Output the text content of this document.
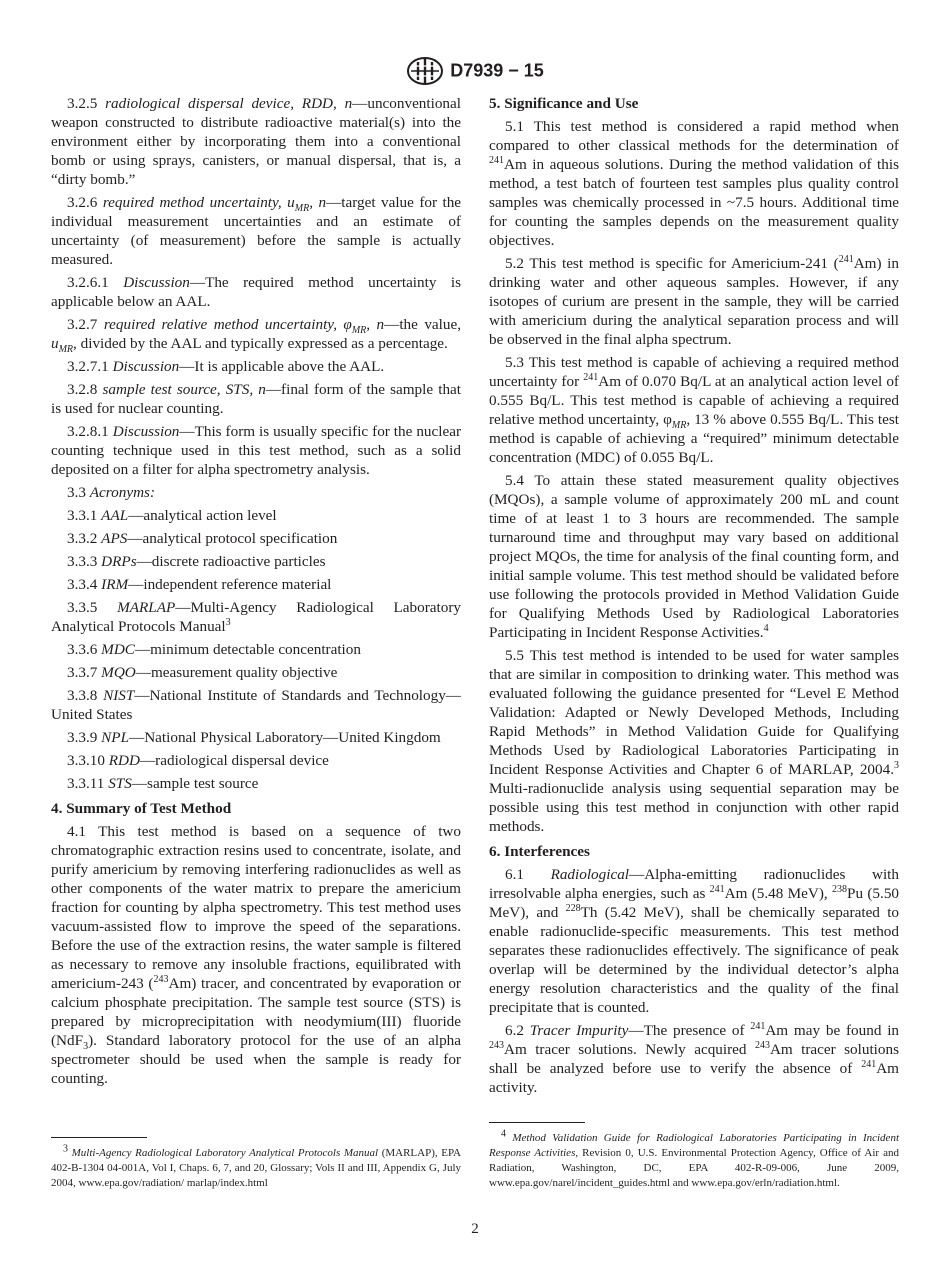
D7939 − 15

3.2.5 radiological dispersal device, RDD, n—unconventional weapon constructed to distribute radioactive material(s) into the environment either by incorporating them into a conventional bomb or using sprays, canisters, or manual dispersal, that is, a “dirty bomb.”

3.2.6 required method uncertainty, $u_{MR}$, n—target value for the individual measurement uncertainties and an estimate of uncertainty (of measurement) before the sample is actually measured.

3.2.6.1 Discussion—The required method uncertainty is applicable below an AAL.

3.2.7 required relative method uncertainty, $\varphi_{MR}$, n—the value, $u_{MR}$, divided by the AAL and typically expressed as a percentage.

3.2.7.1 Discussion—It is applicable above the AAL.

3.2.8 sample test source, STS, n—final form of the sample that is used for nuclear counting.

3.2.8.1 Discussion—This form is usually specific for the nuclear counting technique used in this test method, such as a solid deposited on a filter for alpha spectrometry analysis.

3.3 Acronyms:

3.3.1 AAL—analytical action level

3.3.2 APS—analytical protocol specification

3.3.3 DRPs—discrete radioactive particles

3.3.4 IRM—independent reference material

3.3.5 MARLAP—Multi-Agency Radiological Laboratory Analytical Protocols Manual$^3$

3.3.6 MDC—minimum detectable concentration

3.3.7 MQO—measurement quality objective

3.3.8 NIST—National Institute of Standards and Technology—United States

3.3.9 NPL—National Physical Laboratory—United Kingdom

3.3.10 RDD—radiological dispersal device

3.3.11 STS—sample test source

4. Summary of Test Method

4.1 This test method is based on a sequence of two chromatographic extraction resins used to concentrate, isolate, and purify americium by removing interfering radionuclides as well as other components of the water matrix to prepare the americium fraction for counting by alpha spectrometry. This test method uses vacuum-assisted flow to improve the speed of the separations. Before the use of the extraction resins, the water sample is filtered as necessary to remove any insoluble fractions, equilibrated with americium-243 ($^{243}$Am) tracer, and concentrated by evaporation or calcium phosphate precipitation. The sample test source (STS) is prepared by microprecipitation with neodymium(III) fluoride (NdF$_3$). Standard laboratory protocol for the use of an alpha spectrometer should be used when the sample is ready for counting.

5. Significance and Use

5.1 This test method is considered a rapid method when compared to other classical methods for the determination of $^{241}$Am in aqueous solutions. During the method validation of this method, a test batch of fourteen test samples plus quality control samples was chemically processed in ~7.5 hours. Additional time for counting the samples depends on the measurement quality objectives.

5.2 This test method is specific for Americium-241 ($^{241}$Am) in drinking water and other aqueous samples. However, if any isotopes of curium are present in the sample, they will be carried with americium during the analytical separation process and will be observed in the final alpha spectrum.

5.3 This test method is capable of achieving a required method uncertainty for $^{241}$Am of 0.070 Bq/L at an analytical action level of 0.555 Bq/L. This test method is capable of achieving a required relative method uncertainty, $\varphi_{MR}$, 13 % above 0.555 Bq/L. This test method is capable of achieving a “required” minimum detectable concentration (MDC) of 0.055 Bq/L.

5.4 To attain these stated measurement quality objectives (MQOs), a sample volume of approximately 200 mL and count time of at least 1 to 3 hours are recommended. The sample turnaround time and throughput may vary based on additional project MQOs, the time for analysis of the final counting form, and initial sample volume. This test method should be validated before use following the protocols provided in Method Validation Guide for Qualifying Methods Used by Radiological Laboratories Participating in Incident Response Activities.$^4$

5.5 This test method is intended to be used for water samples that are similar in composition to drinking water. This method was evaluated following the guidance presented for “Level E Method Validation: Adapted or Newly Developed Methods, Including Rapid Methods” in Method Validation Guide for Qualifying Methods Used by Radiological Laboratories Participating in Incident Response Activities and Chapter 6 of MARLAP, 2004.$^3$ Multi-radionuclide analysis using sequential separation may be possible using this test method in conjunction with other rapid methods.

6. Interferences

6.1 Radiological—Alpha-emitting radionuclides with irresolvable alpha energies, such as $^{241}$Am (5.48 MeV), $^{238}$Pu (5.50 MeV), and $^{228}$Th (5.42 MeV), shall be chemically separated to enable radionuclide-specific measurements. This test method separates these radionuclides effectively. The significance of peak overlap will be determined by the individual detector’s alpha energy resolution characteristics and the quality of the final precipitate that is counted.

6.2 Tracer Impurity—The presence of $^{241}$Am may be found in $^{243}$Am tracer solutions. Newly acquired $^{243}$Am tracer solutions shall be analyzed before use to verify the absence of $^{241}$Am activity.

$^3$ Multi-Agency Radiological Laboratory Analytical Protocols Manual (MARLAP), EPA 402-B-1304 04-001A, Vol I, Chaps. 6, 7, and 20, Glossary; Vols II and III, Appendix G, July 2004, www.epa.gov/radiation/ marlap/index.html

$^4$ Method Validation Guide for Radiological Laboratories Participating in Incident Response Activities, Revision 0, U.S. Environmental Protection Agency, Office of Air and Radiation, Washington, DC, EPA 402-R-09-006, June 2009, www.epa.gov/narel/incident_guides.html and www.epa.gov/erln/radiation.html.

2
